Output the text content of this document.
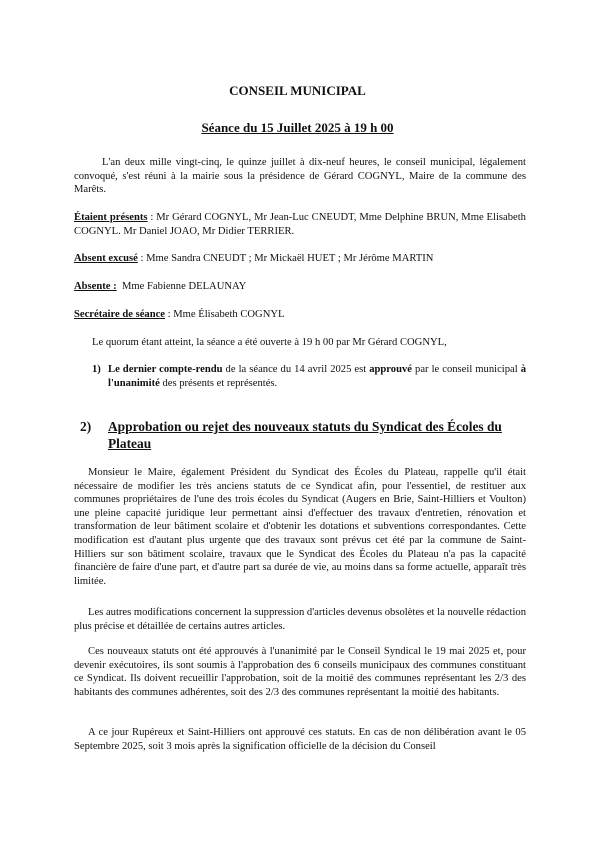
CONSEIL MUNICIPAL
Séance du 15 Juillet 2025 à 19 h 00

L'an deux mille vingt-cinq, le quinze juillet à dix-neuf heures, le conseil municipal, légalement convoqué, s'est réuni à la mairie sous la présidence de Gérard COGNYL, Maire de la commune des Marêts.

Étaient présents : Mr Gérard COGNYL, Mr Jean-Luc CNEUDT, Mme Delphine BRUN, Mme Elisabeth COGNYL. Mr Daniel JOAO, Mr Didier TERRIER.

Absent excusé : Mme Sandra CNEUDT ; Mr Mickaël HUET ; Mr Jérôme MARTIN

Absente : Mme Fabienne DELAUNAY

Secrétaire de séance : Mme Élisabeth COGNYL

Le quorum étant atteint, la séance a été ouverte à 19 h 00 par Mr Gérard COGNYL,

1) Le dernier compte-rendu de la séance du 14 avril 2025 est approuvé par le conseil municipal à l'unanimité des présents et représentés.

2) Approbation ou rejet des nouveaux statuts du Syndicat des Écoles du Plateau

Monsieur le Maire, également Président du Syndicat des Écoles du Plateau, rappelle qu'il était nécessaire de modifier les très anciens statuts de ce Syndicat afin, pour l'essentiel, de restituer aux communes propriétaires de l'une des trois écoles du Syndicat (Augers en Brie, Saint-Hilliers et Voulton) une pleine capacité juridique leur permettant ainsi d'effectuer des travaux d'entretien, rénovation et transformation de leur bâtiment scolaire et d'obtenir les dotations et subventions correspondantes. Cette modification est d'autant plus urgente que des travaux sont prévus cet été par la commune de Saint-Hilliers sur son bâtiment scolaire, travaux que le Syndicat des Écoles du Plateau n'a pas la capacité financière de faire d'une part, et d'autre part sa durée de vie, au moins dans sa forme actuelle, apparaît très limitée.

Les autres modifications concernent la suppression d'articles devenus obsolètes et la nouvelle rédaction plus précise et détaillée de certains autres articles.

Ces nouveaux statuts ont été approuvés à l'unanimité par le Conseil Syndical le 19 mai 2025 et, pour devenir exécutoires, ils sont soumis à l'approbation des 6 conseils municipaux des communes constituant ce Syndicat. Ils doivent recueillir l'approbation, soit de la moitié des communes représentant les 2/3 des habitants des communes adhérentes, soit des 2/3 des communes représentant la moitié des habitants.

A ce jour Rupéreux et Saint-Hilliers ont approuvé ces statuts. En cas de non délibération avant le 05 Septembre 2025, soit 3 mois après la signification officielle de la décision du Conseil
